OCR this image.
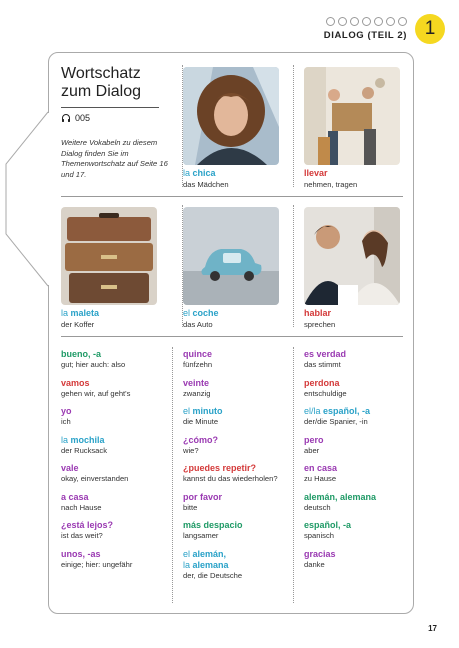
DIALOG (TEIL 2) 1
Wortschatz
zum Dialog
005
Weitere Vokabeln zu diesem Dialog finden Sie im Themenwortschatz auf Seite 16 und 17.	la chica
das Mädchen
llevar
nehmen, tragen
la maleta
der Koffer
el coche
das Auto
hablar
sprechen
bueno, -a
gut; hier auch: also
vamos
gehen wir, auf geht's
yo
ich
la mochila
der Rucksack
vale
okay, einverstanden
a casa
nach Hause
¿está lejos?
ist das weit?
unos, -as
einige; hier: ungefähr
quince
fünfzehn
veinte
zwanzig
el minuto
die Minute
¿cómo?
wie?
¿puedes repetir?
kannst du das wiederholen?
por favor
bitte
más despacio
langsamer
el alemán,
la alemana
der, die Deutsche
es verdad
das stimmt
perdona
entschuldige
el/la español, -a
der/die Spanier, -in
pero
aber
en casa
zu Hause
alemán, alemana
deutsch
español, -a
spanisch
gracias
danke
17
